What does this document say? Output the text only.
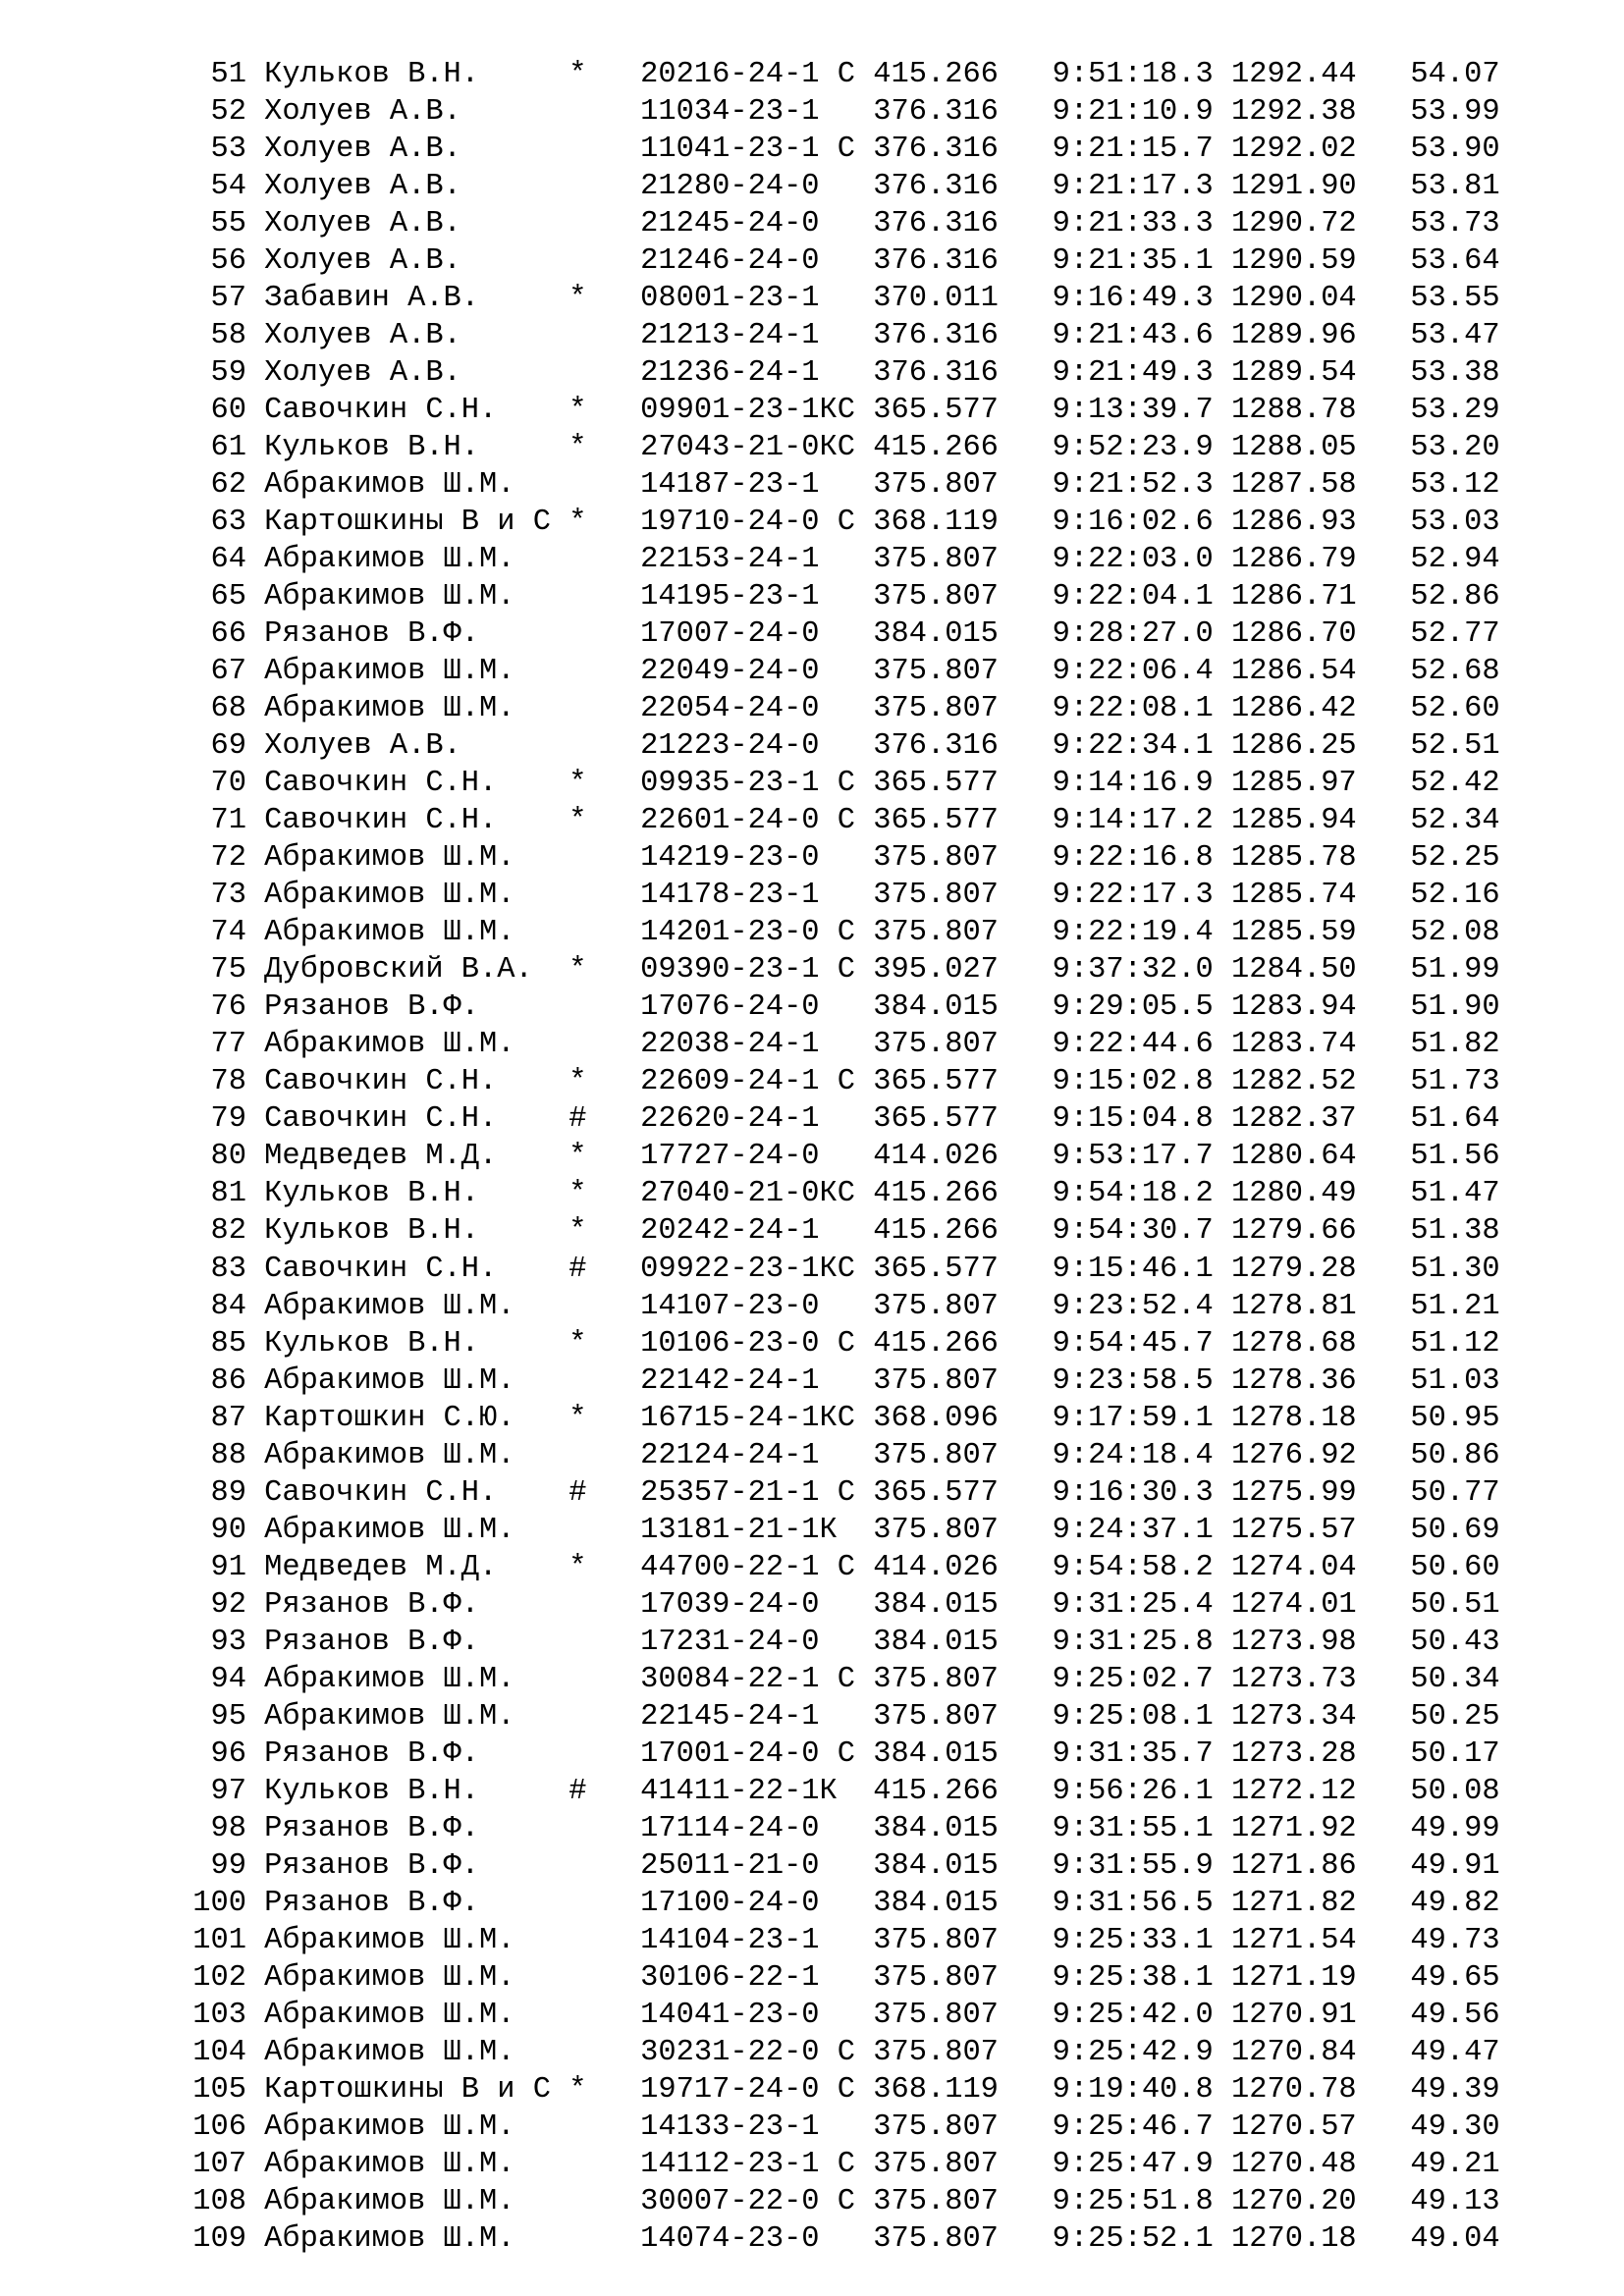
51 Кульков В.Н.     *   20216-24-1 С 415.266   9:51:18.3 1292.44   54.07
52 Холуев А.В.          11034-23-1   376.316   9:21:10.9 1292.38   53.99
53 Холуев А.В.          11041-23-1 С 376.316   9:21:15.7 1292.02   53.90
54 Холуев А.В.          21280-24-0   376.316   9:21:17.3 1291.90   53.81
55 Холуев А.В.          21245-24-0   376.316   9:21:33.3 1290.72   53.73
56 Холуев А.В.          21246-24-0   376.316   9:21:35.1 1290.59   53.64
57 Забавин А.В.     *   08001-23-1   370.011   9:16:49.3 1290.04   53.55
58 Холуев А.В.          21213-24-1   376.316   9:21:43.6 1289.96   53.47
59 Холуев А.В.          21236-24-1   376.316   9:21:49.3 1289.54   53.38
60 Савочкин С.Н.    *   09901-23-1КС 365.577   9:13:39.7 1288.78   53.29
61 Кульков В.Н.     *   27043-21-0КС 415.266   9:52:23.9 1288.05   53.20
62 Абракимов Ш.М.       14187-23-1   375.807   9:21:52.3 1287.58   53.12
63 Картошкины В и С *   19710-24-0 С 368.119   9:16:02.6 1286.93   53.03
64 Абракимов Ш.М.       22153-24-1   375.807   9:22:03.0 1286.79   52.94
65 Абракимов Ш.М.       14195-23-1   375.807   9:22:04.1 1286.71   52.86
66 Рязанов В.Ф.         17007-24-0   384.015   9:28:27.0 1286.70   52.77
67 Абракимов Ш.М.       22049-24-0   375.807   9:22:06.4 1286.54   52.68
68 Абракимов Ш.М.       22054-24-0   375.807   9:22:08.1 1286.42   52.60
69 Холуев А.В.          21223-24-0   376.316   9:22:34.1 1286.25   52.51
70 Савочкин С.Н.    *   09935-23-1 С 365.577   9:14:16.9 1285.97   52.42
71 Савочкин С.Н.    *   22601-24-0 С 365.577   9:14:17.2 1285.94   52.34
72 Абракимов Ш.М.       14219-23-0   375.807   9:22:16.8 1285.78   52.25
73 Абракимов Ш.М.       14178-23-1   375.807   9:22:17.3 1285.74   52.16
74 Абракимов Ш.М.       14201-23-0 С 375.807   9:22:19.4 1285.59   52.08
75 Дубровский В.А.  *   09390-23-1 С 395.027   9:37:32.0 1284.50   51.99
76 Рязанов В.Ф.         17076-24-0   384.015   9:29:05.5 1283.94   51.90
77 Абракимов Ш.М.       22038-24-1   375.807   9:22:44.6 1283.74   51.82
78 Савочкин С.Н.    *   22609-24-1 С 365.577   9:15:02.8 1282.52   51.73
79 Савочкин С.Н.    #   22620-24-1   365.577   9:15:04.8 1282.37   51.64
80 Медведев М.Д.    *   17727-24-0   414.026   9:53:17.7 1280.64   51.56
81 Кульков В.Н.     *   27040-21-0КС 415.266   9:54:18.2 1280.49   51.47
82 Кульков В.Н.     *   20242-24-1   415.266   9:54:30.7 1279.66   51.38
83 Савочкин С.Н.    #   09922-23-1КС 365.577   9:15:46.1 1279.28   51.30
84 Абракимов Ш.М.       14107-23-0   375.807   9:23:52.4 1278.81   51.21
85 Кульков В.Н.     *   10106-23-0 С 415.266   9:54:45.7 1278.68   51.12
86 Абракимов Ш.М.       22142-24-1   375.807   9:23:58.5 1278.36   51.03
87 Картошкин С.Ю.   *   16715-24-1КС 368.096   9:17:59.1 1278.18   50.95
88 Абракимов Ш.М.       22124-24-1   375.807   9:24:18.4 1276.92   50.86
89 Савочкин С.Н.    #   25357-21-1 С 365.577   9:16:30.3 1275.99   50.77
90 Абракимов Ш.М.       13181-21-1К  375.807   9:24:37.1 1275.57   50.69
91 Медведев М.Д.    *   44700-22-1 С 414.026   9:54:58.2 1274.04   50.60
92 Рязанов В.Ф.         17039-24-0   384.015   9:31:25.4 1274.01   50.51
93 Рязанов В.Ф.         17231-24-0   384.015   9:31:25.8 1273.98   50.43
94 Абракимов Ш.М.       30084-22-1 С 375.807   9:25:02.7 1273.73   50.34
95 Абракимов Ш.М.       22145-24-1   375.807   9:25:08.1 1273.34   50.25
96 Рязанов В.Ф.         17001-24-0 С 384.015   9:31:35.7 1273.28   50.17
97 Кульков В.Н.     #   41411-22-1К  415.266   9:56:26.1 1272.12   50.08
98 Рязанов В.Ф.         17114-24-0   384.015   9:31:55.1 1271.92   49.99
99 Рязанов В.Ф.         25011-21-0   384.015   9:31:55.9 1271.86   49.91
100 Рязанов В.Ф.         17100-24-0   384.015   9:31:56.5 1271.82   49.82
101 Абракимов Ш.М.       14104-23-1   375.807   9:25:33.1 1271.54   49.73
102 Абракимов Ш.М.       30106-22-1   375.807   9:25:38.1 1271.19   49.65
103 Абракимов Ш.М.       14041-23-0   375.807   9:25:42.0 1270.91   49.56
104 Абракимов Ш.М.       30231-22-0 С 375.807   9:25:42.9 1270.84   49.47
105 Картошкины В и С *   19717-24-0 С 368.119   9:19:40.8 1270.78   49.39
106 Абракимов Ш.М.       14133-23-1   375.807   9:25:46.7 1270.57   49.30
107 Абракимов Ш.М.       14112-23-1 С 375.807   9:25:47.9 1270.48   49.21
108 Абракимов Ш.М.       30007-22-0 С 375.807   9:25:51.8 1270.20   49.13
109 Абракимов Ш.М.       14074-23-0   375.807   9:25:52.1 1270.18   49.04
